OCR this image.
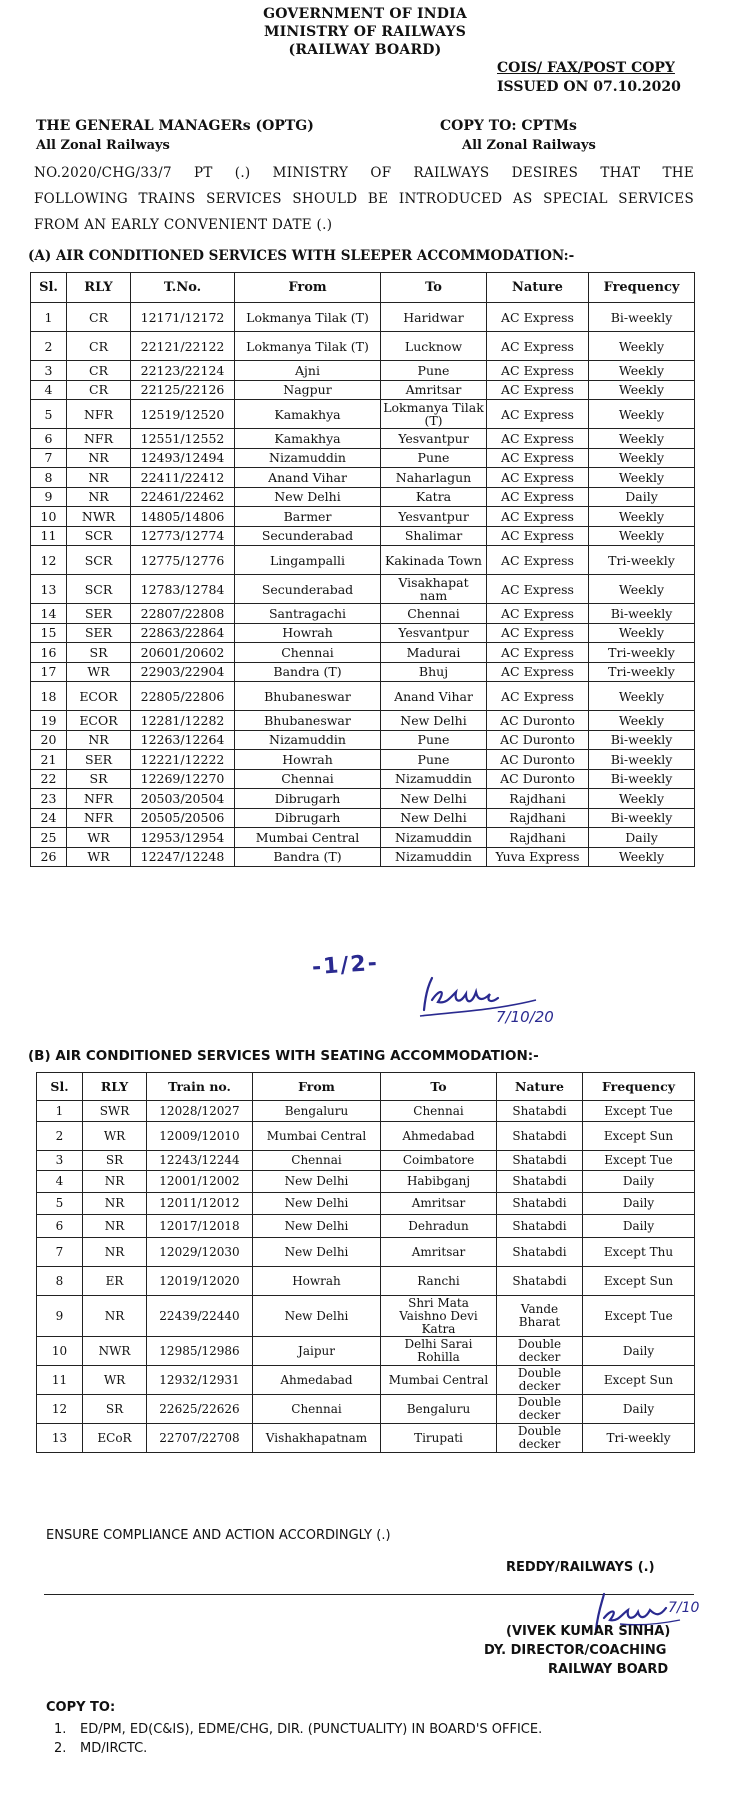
GOVERNMENT OF INDIA
MINISTRY OF RAILWAYS
(RAILWAY BOARD)
COIS/ FAX/POST COPY
ISSUED ON 07.10.2020
THE GENERAL MANAGERs (OPTG)
All Zonal Railways
COPY TO: CPTMs
All Zonal Railways
NO.2020/CHG/33/7 PT (.) MINISTRY OF RAILWAYS DESIRES THAT THE
FOLLOWING TRAINS SERVICES SHOULD BE INTRODUCED AS SPECIAL SERVICES
FROM AN EARLY CONVENIENT DATE (.)
(A) AIR CONDITIONED SERVICES WITH SLEEPER ACCOMMODATION:-
Sl.	RLY	T.No.	From	To	Nature	Frequency
1	CR	12171/12172	Lokmanya Tilak (T)	Haridwar	AC Express	Bi-weekly
2	CR	22121/22122	Lokmanya Tilak (T)	Lucknow	AC Express	Weekly
3	CR	22123/22124	Ajni	Pune	AC Express	Weekly
4	CR	22125/22126	Nagpur	Amritsar	AC Express	Weekly
5	NFR	12519/12520	Kamakhya	Lokmanya Tilak (T)	AC Express	Weekly
6	NFR	12551/12552	Kamakhya	Yesvantpur	AC Express	Weekly
7	NR	12493/12494	Nizamuddin	Pune	AC Express	Weekly
8	NR	22411/22412	Anand Vihar	Naharlagun	AC Express	Weekly
9	NR	22461/22462	New Delhi	Katra	AC Express	Daily
10	NWR	14805/14806	Barmer	Yesvantpur	AC Express	Weekly
11	SCR	12773/12774	Secunderabad	Shalimar	AC Express	Weekly
12	SCR	12775/12776	Lingampalli	Kakinada Town	AC Express	Tri-weekly
13	SCR	12783/12784	Secunderabad	Visakhapat nam	AC Express	Weekly
14	SER	22807/22808	Santragachi	Chennai	AC Express	Bi-weekly
15	SER	22863/22864	Howrah	Yesvantpur	AC Express	Weekly
16	SR	20601/20602	Chennai	Madurai	AC Express	Tri-weekly
17	WR	22903/22904	Bandra (T)	Bhuj	AC Express	Tri-weekly
18	ECOR	22805/22806	Bhubaneswar	Anand Vihar	AC Express	Weekly
19	ECOR	12281/12282	Bhubaneswar	New Delhi	AC Duronto	Weekly
20	NR	12263/12264	Nizamuddin	Pune	AC Duronto	Bi-weekly
21	SER	12221/12222	Howrah	Pune	AC Duronto	Bi-weekly
22	SR	12269/12270	Chennai	Nizamuddin	AC Duronto	Bi-weekly
23	NFR	20503/20504	Dibrugarh	New Delhi	Rajdhani	Weekly
24	NFR	20505/20506	Dibrugarh	New Delhi	Rajdhani	Bi-weekly
25	WR	12953/12954	Mumbai Central	Nizamuddin	Rajdhani	Daily
26	WR	12247/12248	Bandra (T)	Nizamuddin	Yuva Express	Weekly
-1/2-
7/10/20
(B) AIR CONDITIONED SERVICES WITH SEATING ACCOMMODATION:-
Sl.	RLY	Train no.	From	To	Nature	Frequency
1	SWR	12028/12027	Bengaluru	Chennai	Shatabdi	Except Tue
2	WR	12009/12010	Mumbai Central	Ahmedabad	Shatabdi	Except Sun
3	SR	12243/12244	Chennai	Coimbatore	Shatabdi	Except Tue
4	NR	12001/12002	New Delhi	Habibganj	Shatabdi	Daily
5	NR	12011/12012	New Delhi	Amritsar	Shatabdi	Daily
6	NR	12017/12018	New Delhi	Dehradun	Shatabdi	Daily
7	NR	12029/12030	New Delhi	Amritsar	Shatabdi	Except Thu
8	ER	12019/12020	Howrah	Ranchi	Shatabdi	Except Sun
9	NR	22439/22440	New Delhi	Shri Mata Vaishno Devi Katra	Vande Bharat	Except Tue
10	NWR	12985/12986	Jaipur	Delhi Sarai Rohilla	Double decker	Daily
11	WR	12932/12931	Ahmedabad	Mumbai Central	Double decker	Except Sun
12	SR	22625/22626	Chennai	Bengaluru	Double decker	Daily
13	ECoR	22707/22708	Vishakhapatnam	Tirupati	Double decker	Tri-weekly
ENSURE COMPLIANCE AND ACTION ACCORDINGLY (.)
REDDY/RAILWAYS (.)
7/10
(VIVEK KUMAR SINHA)
DY. DIRECTOR/COACHING
RAILWAY BOARD
COPY TO:
1. ED/PM, ED(C&IS), EDME/CHG, DIR. (PUNCTUALITY) IN BOARD'S OFFICE.
2. MD/IRCTC.
